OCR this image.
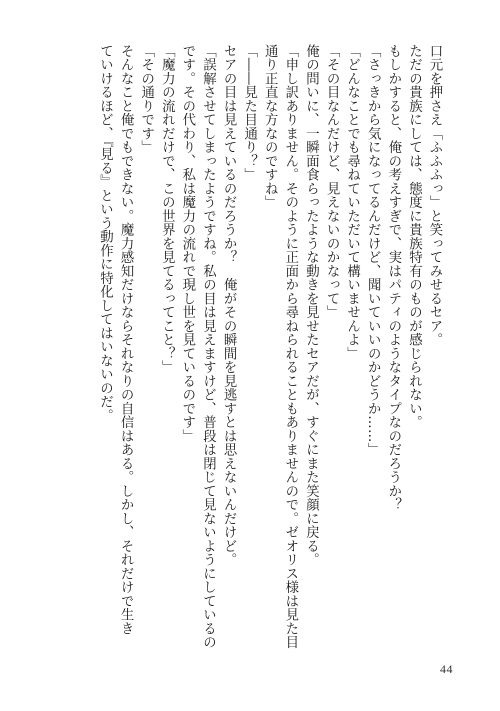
口元を押さえ「ふふふっ」と笑ってみせるセア。
ただの貴族にしては、態度に貴族特有のものが感じられない。
もしかすると、俺の考えすぎで、実はパティのようなタイプなのだろうか？
「さっきから気になってるんだけど、聞いていいのかどうか……」
「どんなことでも尋ねていただいて構いませんよ」
「その目なんだけど、見えないのかなって」
俺の問いに、一瞬面食らったような動きを見せたセアだが、すぐにまた笑顔に戻る。
「申し訳ありません。そのように正面から尋ねられることもありませんので。ゼオリス様は見た目
通り正直な方なのですね」
「――見た目通り？」
セアの目は見えているのだろうか？　俺がその瞬間を見逃すとは思えないんだけど。
「誤解させてしまったようですね。私の目は見えますけど、普段は閉じて見ないようにしているの
です。その代わり、私は魔力の流れで現し世を見ているのです」
「魔力の流れだけで、この世界を見てるってこと？」
「その通りです」
そんなこと俺でもできない。魔力感知だけならそれなりの自信はある。しかし、それだけで生き
ていけるほど、『見る』という動作に特化してはいないのだ。
44
